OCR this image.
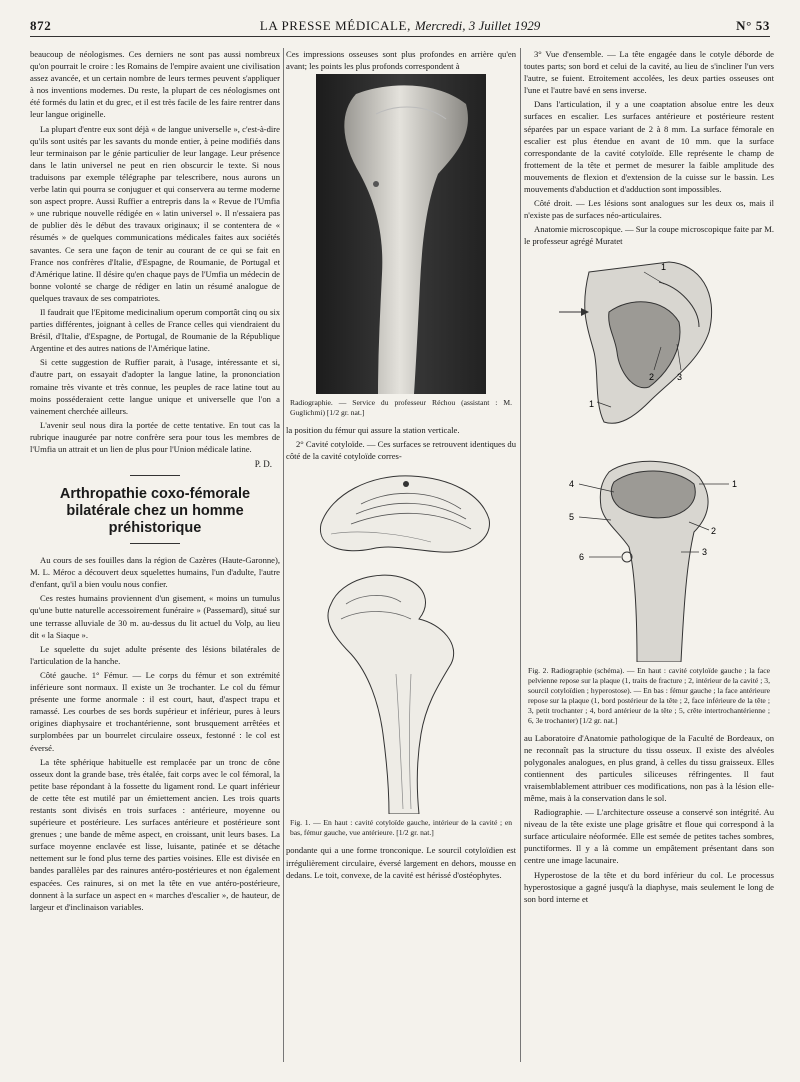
872	LA PRESSE MÉDICALE, Mercredi, 3 Juillet 1929	N° 53

beaucoup de néologismes. Ces derniers ne sont pas aussi nombreux qu'on pourrait le croire : les Romains de l'empire avaient une civilisation assez avancée, et un certain nombre de leurs termes peuvent s'appliquer à nos inventions modernes. Du reste, la plupart de ces néologismes ont été formés du latin et du grec, et il est très facile de les faire rentrer dans leur langue originelle.

La plupart d'entre eux sont déjà « de langue universelle », c'est-à-dire qu'ils sont usités par les savants du monde entier, à peine modifiés dans leur terminaison par le génie particulier de leur langage. Leur présence dans le latin universel ne peut en rien obscurcir le texte. Si nous traduisons par exemple télégraphe par telescribere, nous aurons un verbe latin qui pourra se conjuguer et qui conservera au terme moderne son aspect propre. Aussi Ruffier a entrepris dans la « Revue de l'Umfia » une rubrique nouvelle rédigée en « latin universel ». Il n'essaiera pas de publier dès le début des travaux originaux; il se contentera de « résumés » de quelques communications médicales faites aux sociétés savantes. Ce sera une façon de tenir au courant de ce qui se fait en France nos confrères d'Italie, d'Espagne, de Roumanie, de Portugal et d'Amérique latine. Il désire qu'en chaque pays de l'Umfia un médecin de bonne volonté se charge de rédiger en latin un résumé analogue de quelques travaux de ses compatriotes.

Il faudrait que l'Epitome medicinalium operum comportât cinq ou six parties différentes, joignant à celles de France celles qui viendraient du Brésil, d'Italie, d'Espagne, de Portugal, de Roumanie de la République Argentine et des autres nations de l'Amérique latine.

Si cette suggestion de Ruffier parait, à l'usage, intéressante et si, d'autre part, on essayait d'adopter la langue latine, la prononciation romaine très vivante et très connue, les peuples de race latine tout au moins posséderaient cette langue unique et universelle que l'on a vainement cherchée ailleurs.

L'avenir seul nous dira la portée de cette tentative. En tout cas la rubrique inaugurée par notre confrère sera pour tous les membres de l'Umfia un attrait et un lien de plus pour l'Union médicale latine.

P. D.
Arthropathie coxo-fémorale bilatérale chez un homme préhistorique

Au cours de ses fouilles dans la région de Cazères (Haute-Garonne), M. L. Méroc a découvert deux squelettes humains, l'un d'adulte, l'autre d'enfant, qu'il a bien voulu nous confier.

Ces restes humains proviennent d'un gisement, « moins un tumulus qu'une butte naturelle accessoirement funéraire » (Passemard), situé sur une terrasse alluviale de 30 m. au-dessus du lit actuel du Volp, au lieu dit « la Siaque ».

Le squelette du sujet adulte présente des lésions bilatérales de l'articulation de la hanche.

Côté gauche. 1° Fémur. — Le corps du fémur et son extrémité inférieure sont normaux. Il existe un 3e trochanter. Le col du fémur présente une forme anormale : il est court, haut, d'aspect trapu et ramassé. Les courbes de ses bords supérieur et inférieur, pures à leurs origines diaphysaire et trochantérienne, sont brusquement arrêtées et surplombées par un bourrelet circulaire osseux, festonné : le col est éversé.

La tête sphérique habituelle est remplacée par un tronc de cône osseux dont la grande base, très étalée, fait corps avec le col fémoral, la petite base répondant à la fossette du ligament rond. Le quart inférieur de cette tête est mutilé par un émiettement ancien. Les trois quarts restants sont divisés en trois surfaces : antérieure, moyenne ou supérieure et postérieure. Les surfaces antérieure et postérieure sont grenues ; une bande de même aspect, en croissant, unit leurs bases. La surface moyenne enclavée est lisse, luisante, patinée et se détache nettement sur le fond plus terne des parties voisines. Elle est divisée en bandes parallèles par des rainures antéro-postérieures et non également espacées. Ces rainures, si on met la tête en vue antéro-postérieure, donnent à la surface un aspect en « marches d'escalier », de hauteur, de largeur et d'inclinaison variables.

Ces impressions osseuses sont plus profondes en arrière qu'en avant; les points les plus profonds correspondent à

Radiographie. — Service du professeur Réchou (assistant : M. Guglichmi) [1/2 gr. nat.]

la position du fémur qui assure la station verticale.

2° Cavité cotyloïde. — Ces surfaces se retrouvent identiques du côté de la cavité cotyloïde corres-

Fig. 1. — En haut : cavité cotyloïde gauche, intérieur de la cavité ; en bas, fémur gauche, vue antérieure. [1/2 gr. nat.]

pondante qui a une forme tronconique. Le sourcil cotyloïdien est irrégulièrement circulaire, éversé largement en dehors, mousse en dedans. Le toit, convexe, de la cavité est hérissé d'ostéophytes.

3° Vue d'ensemble. — La tête engagée dans le cotyle déborde de toutes parts; son bord et celui de la cavité, au lieu de s'incliner l'un vers l'autre, se fuient. Etroitement accolées, les deux parties osseuses ont l'une et l'autre bavé en sens inverse.

Dans l'articulation, il y a une coaptation absolue entre les deux surfaces en escalier. Les surfaces antérieure et postérieure restent séparées par un espace variant de 2 à 8 mm. La surface fémorale en escalier est plus étendue en avant de 10 mm. que la surface correspondante de la cavité cotyloïde. Elle représente le champ de frottement de la tête et permet de mesurer la faible amplitude des mouvements de flexion et d'extension de la cuisse sur le bassin. Les mouvements d'abduction et d'adduction sont impossibles.

Côté droit. — Les lésions sont analogues sur les deux os, mais il n'existe pas de surfaces néo-articulaires.

Anatomie microscopique. — Sur la coupe microscopique faite par M. le professeur agrégé Muratet

1
2	3
1
4	1
5
2
6	3
Fig. 2. Radiographie (schéma). — En haut : cavité cotyloïde gauche ; la face pelvienne repose sur la plaque (1, traits de fracture ; 2, intérieur de la cavité ; 3, sourcil cotyloïdien ; hyperostose). — En bas : fémur gauche ; la face antérieure repose sur la plaque (1, bord postérieur de la tête ; 2, face inférieure de la tête ; 3, petit trochanter ; 4, bord antérieur de la tête ; 5, crête intertrochantérienne ; 6, 3e trochanter) [1/2 gr. nat.]

au Laboratoire d'Anatomie pathologique de la Faculté de Bordeaux, on ne reconnaît pas la structure du tissu osseux. Il existe des alvéoles polygonales analogues, en plus grand, à celles du tissu graisseux. Elles contiennent des particules siliceuses réfringentes. Il faut vraisemblablement attribuer ces modifications, non pas à la lésion elle-même, mais à la conservation dans le sol.

Radiographie. — L'architecture osseuse a conservé son intégrité. Au niveau de la tête existe une plage grisâtre et floue qui correspond à la surface articulaire néoformée. Elle est semée de petites taches sombres, punctiformes. Il y a là comme un empâtement présentant dans son centre une image lacunaire.

Hyperostose de la tête et du bord inférieur du col. Le processus hyperostosique a gagné jusqu'à la diaphyse, mais seulement le long de son bord interne et
